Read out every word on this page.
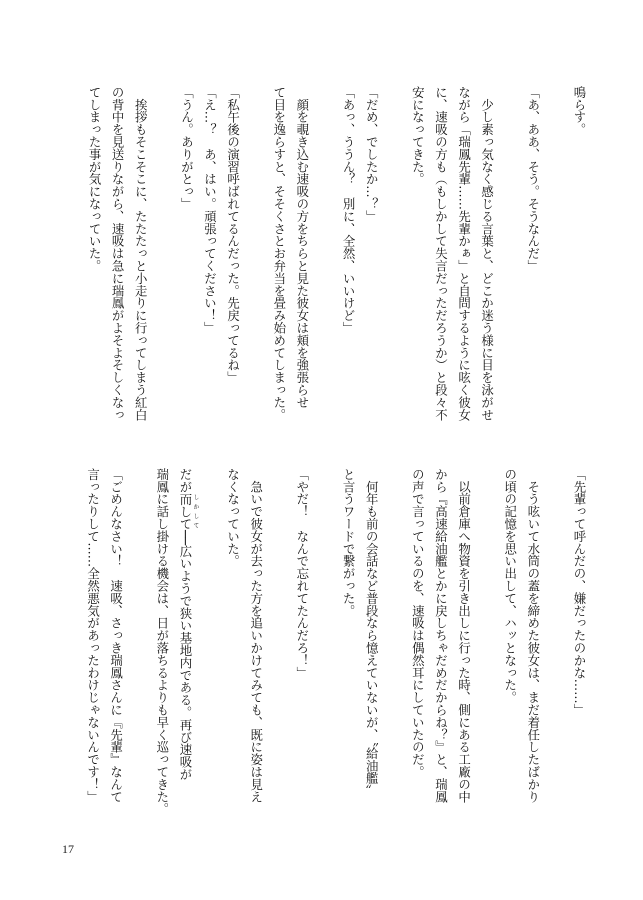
鳴らす。

「あ、ああ、そう。そうなんだ」

　少し素っ気なく感じる言葉と、どこか迷う様に目を泳がせ
ながら「瑞鳳先輩……先輩かぁ」と自問するように呟く彼女
に、速吸の方も（もしかして失言だっただろうか）と段々不
安になってきた。

「だめ、でしたか…？」
「あっ、ううん？　別に、全然、いいけど」

　顔を覗き込む速吸の方をちらと見た彼女は頬を強張らせ
て目を逸らすと、そそくさとお弁当を畳み始めてしまった。

「私午後の演習呼ばれてるんだった。先戻ってるね」
「え…？　あ、はい。頑張ってください！」
「うん。ありがとっ」

　挨拶もそこそこに、たたたっと小走りに行ってしまう紅白
の背中を見送りながら、速吸は急に瑞鳳がよそよそしくなっ
てしまった事が気になっていた。
「先輩って呼んだの、嫌だったのかな……」

　そう呟いて水筒の蓋を締めた彼女は、まだ着任したばかり
の頃の記憶を思い出して、ハッとなった。

　以前倉庫へ物資を引き出しに行った時、側にある工廠の中
から『高速給油艦とかに戻しちゃだめだからね？』と、瑞鳳
の声で言っているのを、速吸は偶然耳にしていたのだ。

　何年も前の会話など普段なら憶えていないが、〝給油艦〟
と言うワードで繋がった。

「やだ！　なんで忘れてたんだろ！」

　急いで彼女が去った方を追いかけてみても、既に姿は見え
なくなっていた。

だが而して しかして──広いようで狭い基地内である。再び速吸が
瑞鳳に話し掛ける機会は、日が落ちるよりも早く巡ってきた。

「ごめんなさい！　速吸、さっき瑞鳳さんに『先輩』なんて
言ったりして……全然悪気があったわけじゃないんです！」
17
